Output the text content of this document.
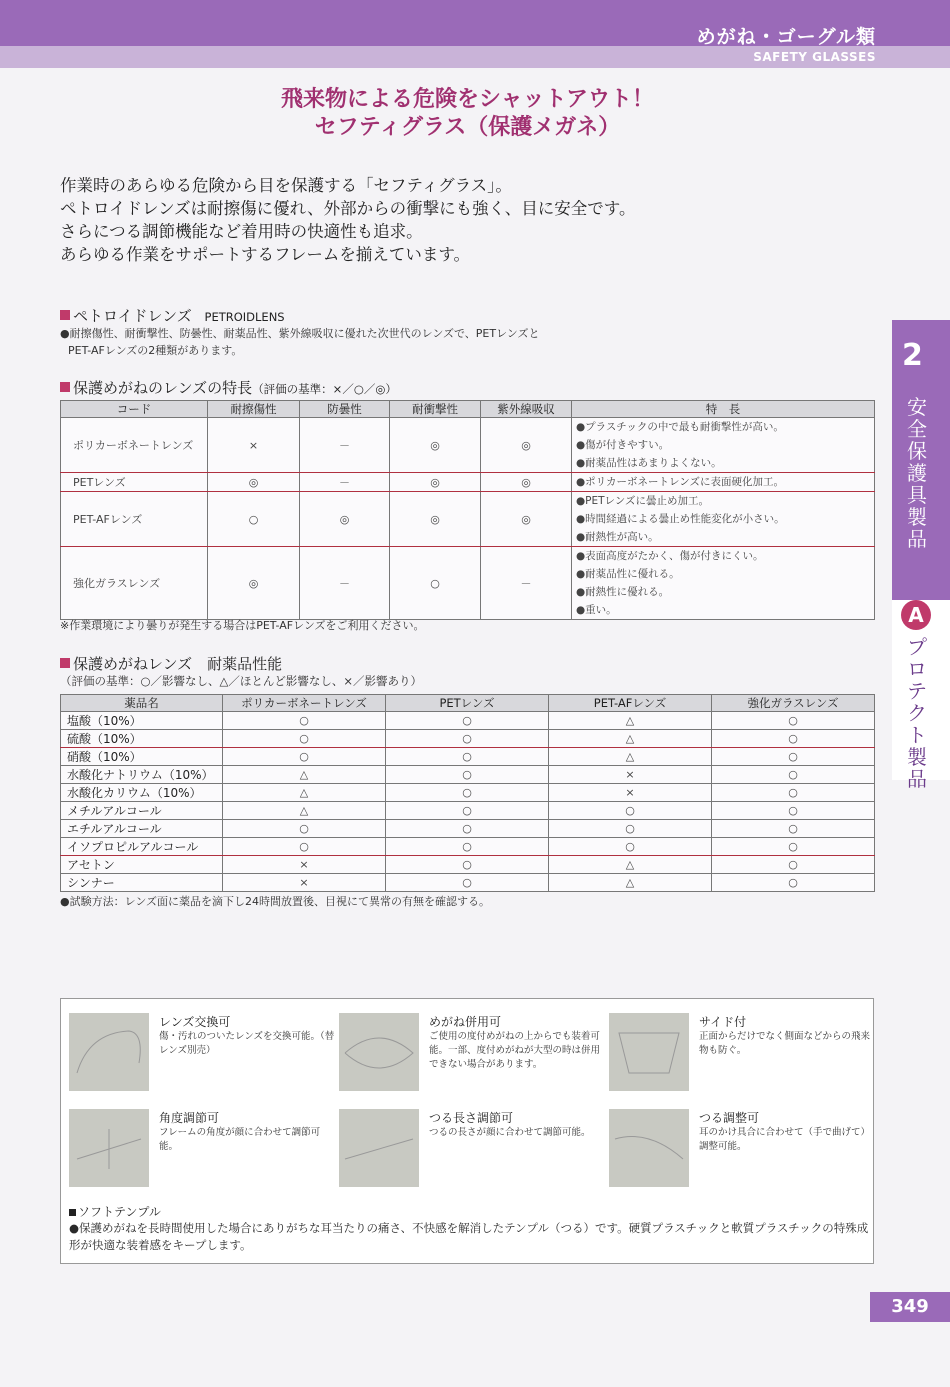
めがね・ゴーグル類
SAFETY GLASSES
飛来物による危険をシャットアウト！
セフティグラス（保護メガネ）
作業時のあらゆる危険から目を保護する「セフティグラス」。
ペトロイドレンズは耐擦傷に優れ、外部からの衝撃にも強く、目に安全です。
さらにつる調節機能など着用時の快適性も追求。
あらゆる作業をサポートするフレームを揃えています。
ペトロイドレンズ PETROIDLENS
●耐擦傷性、耐衝撃性、防曇性、耐薬品性、紫外線吸収に優れた次世代のレンズで、PETレンズと
PET-AFレンズの2種類があります。
保護めがねのレンズの特長（評価の基準：×／○／◎）
コード	耐擦傷性	防曇性	耐衝撃性	紫外線吸収	特　長
ポリカーボネートレンズ	×	－	◎	◎	●プラスチックの中で最も耐衝撃性が高い。
●傷が付きやすい。
●耐薬品性はあまりよくない。

PETレンズ	◎	－	◎	◎	●ポリカーボネートレンズに表面硬化加工。

PET-AFレンズ	○	◎	◎	◎	●PETレンズに曇止め加工。
●時間経過による曇止め性能変化が小さい。
●耐熱性が高い。

強化ガラスレンズ	◎	－	○	－	●表面高度がたかく、傷が付きにくい。
●耐薬品性に優れる。
●耐熱性に優れる。
●重い。
※作業環境により曇りが発生する場合はPET-AFレンズをご利用ください。
保護めがねレンズ　耐薬品性能
（評価の基準：○／影響なし、△／ほとんど影響なし、×／影響あり）
薬品名	ポリカーボネートレンズ	PETレンズ	PET-AFレンズ	強化ガラスレンズ
塩酸（10%）	○	○	△	○
硫酸（10%）	○	○	△	○
硝酸（10%）	○	○	△	○
水酸化ナトリウム（10%）	△	○	×	○
水酸化カリウム（10%）	△	○	×	○
メチルアルコール	△	○	○	○
エチルアルコール	○	○	○	○
イソプロピルアルコール	○	○	○	○
アセトン	×	○	△	○
シンナー	×	○	△	○
●試験方法：レンズ面に薬品を滴下し24時間放置後、目視にて異常の有無を確認する。
2
安全保護具製品
A
プロテクト製品
レンズ交換可
傷・汚れのついたレンズを交換可能。（替レンズ別売）
めがね併用可
ご使用の度付めがねの上からでも装着可能。一部、度付めがねが大型の時は併用できない場合があります。
サイド付
正面からだけでなく側面などからの飛来物も防ぐ。
角度調節可
フレームの角度が顔に合わせて調節可能。
つる長さ調節可
つるの長さが顔に合わせて調節可能。
つる調整可
耳のかけ具合に合わせて（手で曲げて）調整可能。
ソフトテンプル
●保護めがねを長時間使用した場合にありがちな耳当たりの痛さ、不快感を解消したテンプル（つる）です。硬質プラスチックと軟質プラスチックの特殊成形が快適な装着感をキープします。
349
